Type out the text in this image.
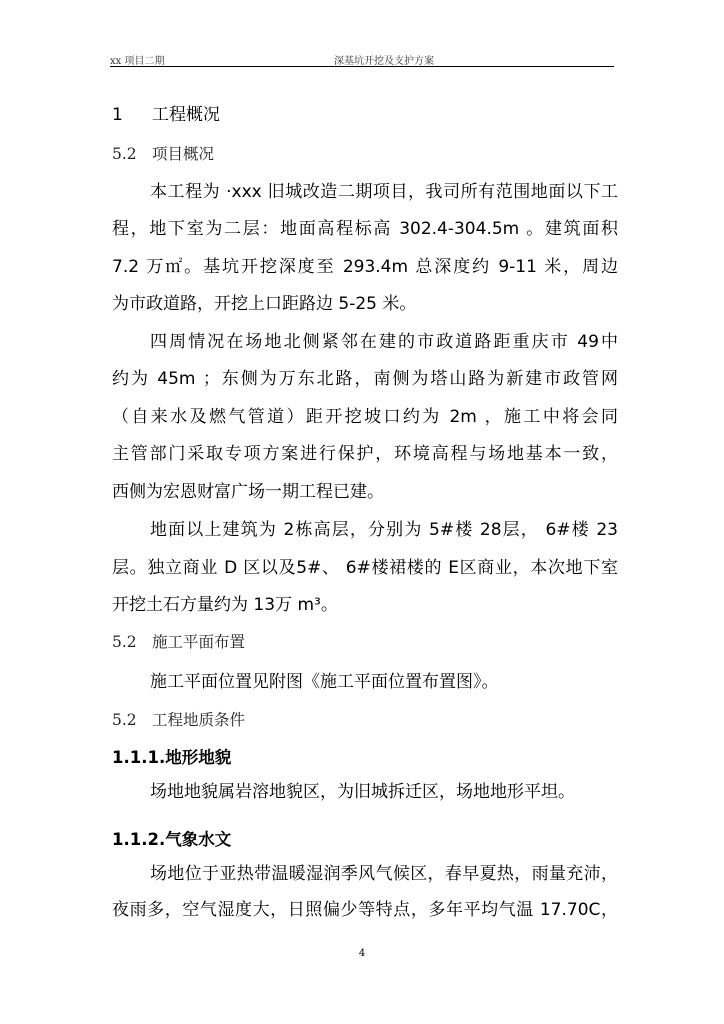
xx 项目二期	深基坑开挖及支护方案
1 工程概况
5.2 项目概况
本工程为 ·xxx 旧城改造二期项目，我司所有范围地面以下工
程，地下室为二层：地面高程标高 302.4-304.5m 。建筑面积
7.2 万㎡。基坑开挖深度至 293.4m 总深度约 9-11 米，周边
为市政道路，开挖上口距路边 5-25 米。
四周情况在场地北侧紧邻在建的市政道路距重庆市 49中
约为 45m ；东侧为万东北路，南侧为塔山路为新建市政管网
（自来水及燃气管道）距开挖坡口约为 2m ，施工中将会同
主管部门采取专项方案进行保护，环境高程与场地基本一致，
西侧为宏恩财富广场一期工程已建。
地面以上建筑为 2栋高层，分别为 5#楼 28层， 6#楼 23
层。独立商业 D 区以及5#、 6#楼裙楼的 E区商业，本次地下室
开挖土石方量约为 13万 m³。
5.2 施工平面布置
施工平面位置见附图《施工平面位置布置图》。
5.2 工程地质条件
1.1.1.地形地貌
场地地貌属岩溶地貌区，为旧城拆迁区，场地地形平坦。
1.1.2.气象水文
场地位于亚热带温暖湿润季风气候区，春早夏热，雨量充沛，
夜雨多，空气湿度大，日照偏少等特点，多年平均气温 17.70C，
4
